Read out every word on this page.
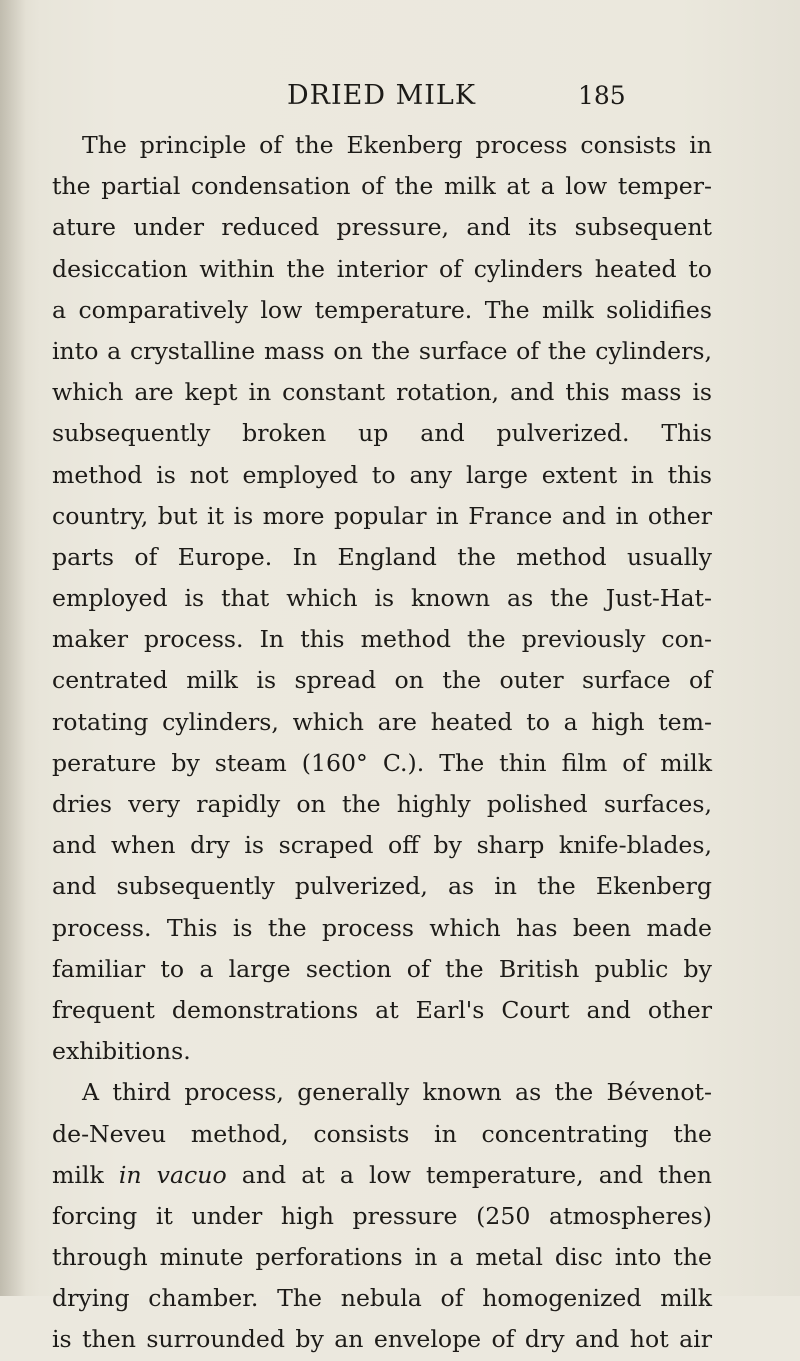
DRIED MILK	185
The principle of the Ekenberg process consists in
the partial condensation of the milk at a low temper-
ature under reduced pressure, and its subsequent
desiccation within the interior of cylinders heated to
a comparatively low temperature. The milk solidifies
into a crystalline mass on the surface of the cylinders,
which are kept in constant rotation, and this mass is
subsequently broken up and pulverized. This
method is not employed to any large extent in this
country, but it is more popular in France and in other
parts of Europe. In England the method usually
employed is that which is known as the Just-Hat-
maker process. In this method the previously con-
centrated milk is spread on the outer surface of
rotating cylinders, which are heated to a high tem-
perature by steam (160° C.). The thin film of milk
dries very rapidly on the highly polished surfaces,
and when dry is scraped off by sharp knife-blades,
and subsequently pulverized, as in the Ekenberg
process. This is the process which has been made
familiar to a large section of the British public by
frequent demonstrations at Earl's Court and other
exhibitions.
A third process, generally known as the Bévenot-
de-Neveu method, consists in concentrating the
milk in vacuo and at a low temperature, and then
forcing it under high pressure (250 atmospheres)
through minute perforations in a metal disc into the
drying chamber. The nebula of homogenized milk
is then surrounded by an envelope of dry and hot air
